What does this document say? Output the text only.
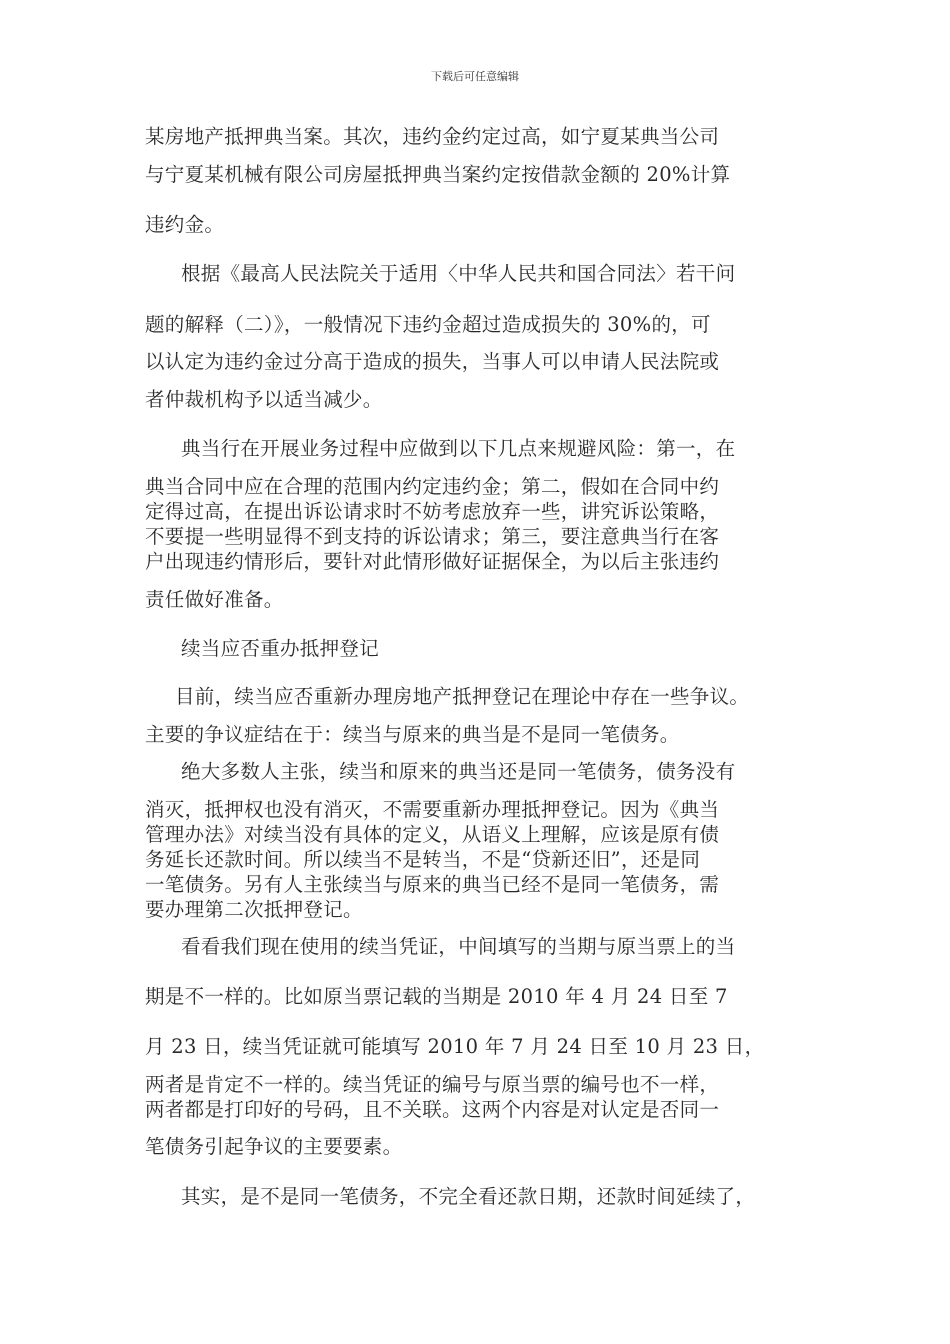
下载后可任意编辑
某房地产抵押典当案。其次，违约金约定过高，如宁夏某典当公司
与宁夏某机械有限公司房屋抵押典当案约定按借款金额的 20%计算
违约金。
根据《最高人民法院关于适用〈中华人民共和国合同法〉若干问
题的解释（二）》，一般情况下违约金超过造成损失的 30%的，可
以认定为违约金过分高于造成的损失，当事人可以申请人民法院或
者仲裁机构予以适当减少。
典当行在开展业务过程中应做到以下几点来规避风险：第一，在
典当合同中应在合理的范围内约定违约金；第二，假如在合同中约
定得过高，在提出诉讼请求时不妨考虑放弃一些，讲究诉讼策略，
不要提一些明显得不到支持的诉讼请求；第三，要注意典当行在客
户出现违约情形后，要针对此情形做好证据保全，为以后主张违约
责任做好准备。
续当应否重办抵押登记
目前，续当应否重新办理房地产抵押登记在理论中存在一些争议。
主要的争议症结在于：续当与原来的典当是不是同一笔债务。
绝大多数人主张，续当和原来的典当还是同一笔债务，债务没有
消灭，抵押权也没有消灭，不需要重新办理抵押登记。因为《典当
管理办法》对续当没有具体的定义，从语义上理解，应该是原有债
务延长还款时间。所以续当不是转当，不是“贷新还旧”，还是同
一笔债务。另有人主张续当与原来的典当已经不是同一笔债务，需
要办理第二次抵押登记。
看看我们现在使用的续当凭证，中间填写的当期与原当票上的当
期是不一样的。比如原当票记载的当期是 2010 年 4 月 24 日至 7
月 23 日，续当凭证就可能填写 2010 年 7 月 24 日至 10 月 23 日，
两者是肯定不一样的。续当凭证的编号与原当票的编号也不一样，
两者都是打印好的号码，且不关联。这两个内容是对认定是否同一
笔债务引起争议的主要要素。
其实，是不是同一笔债务，不完全看还款日期，还款时间延续了，
